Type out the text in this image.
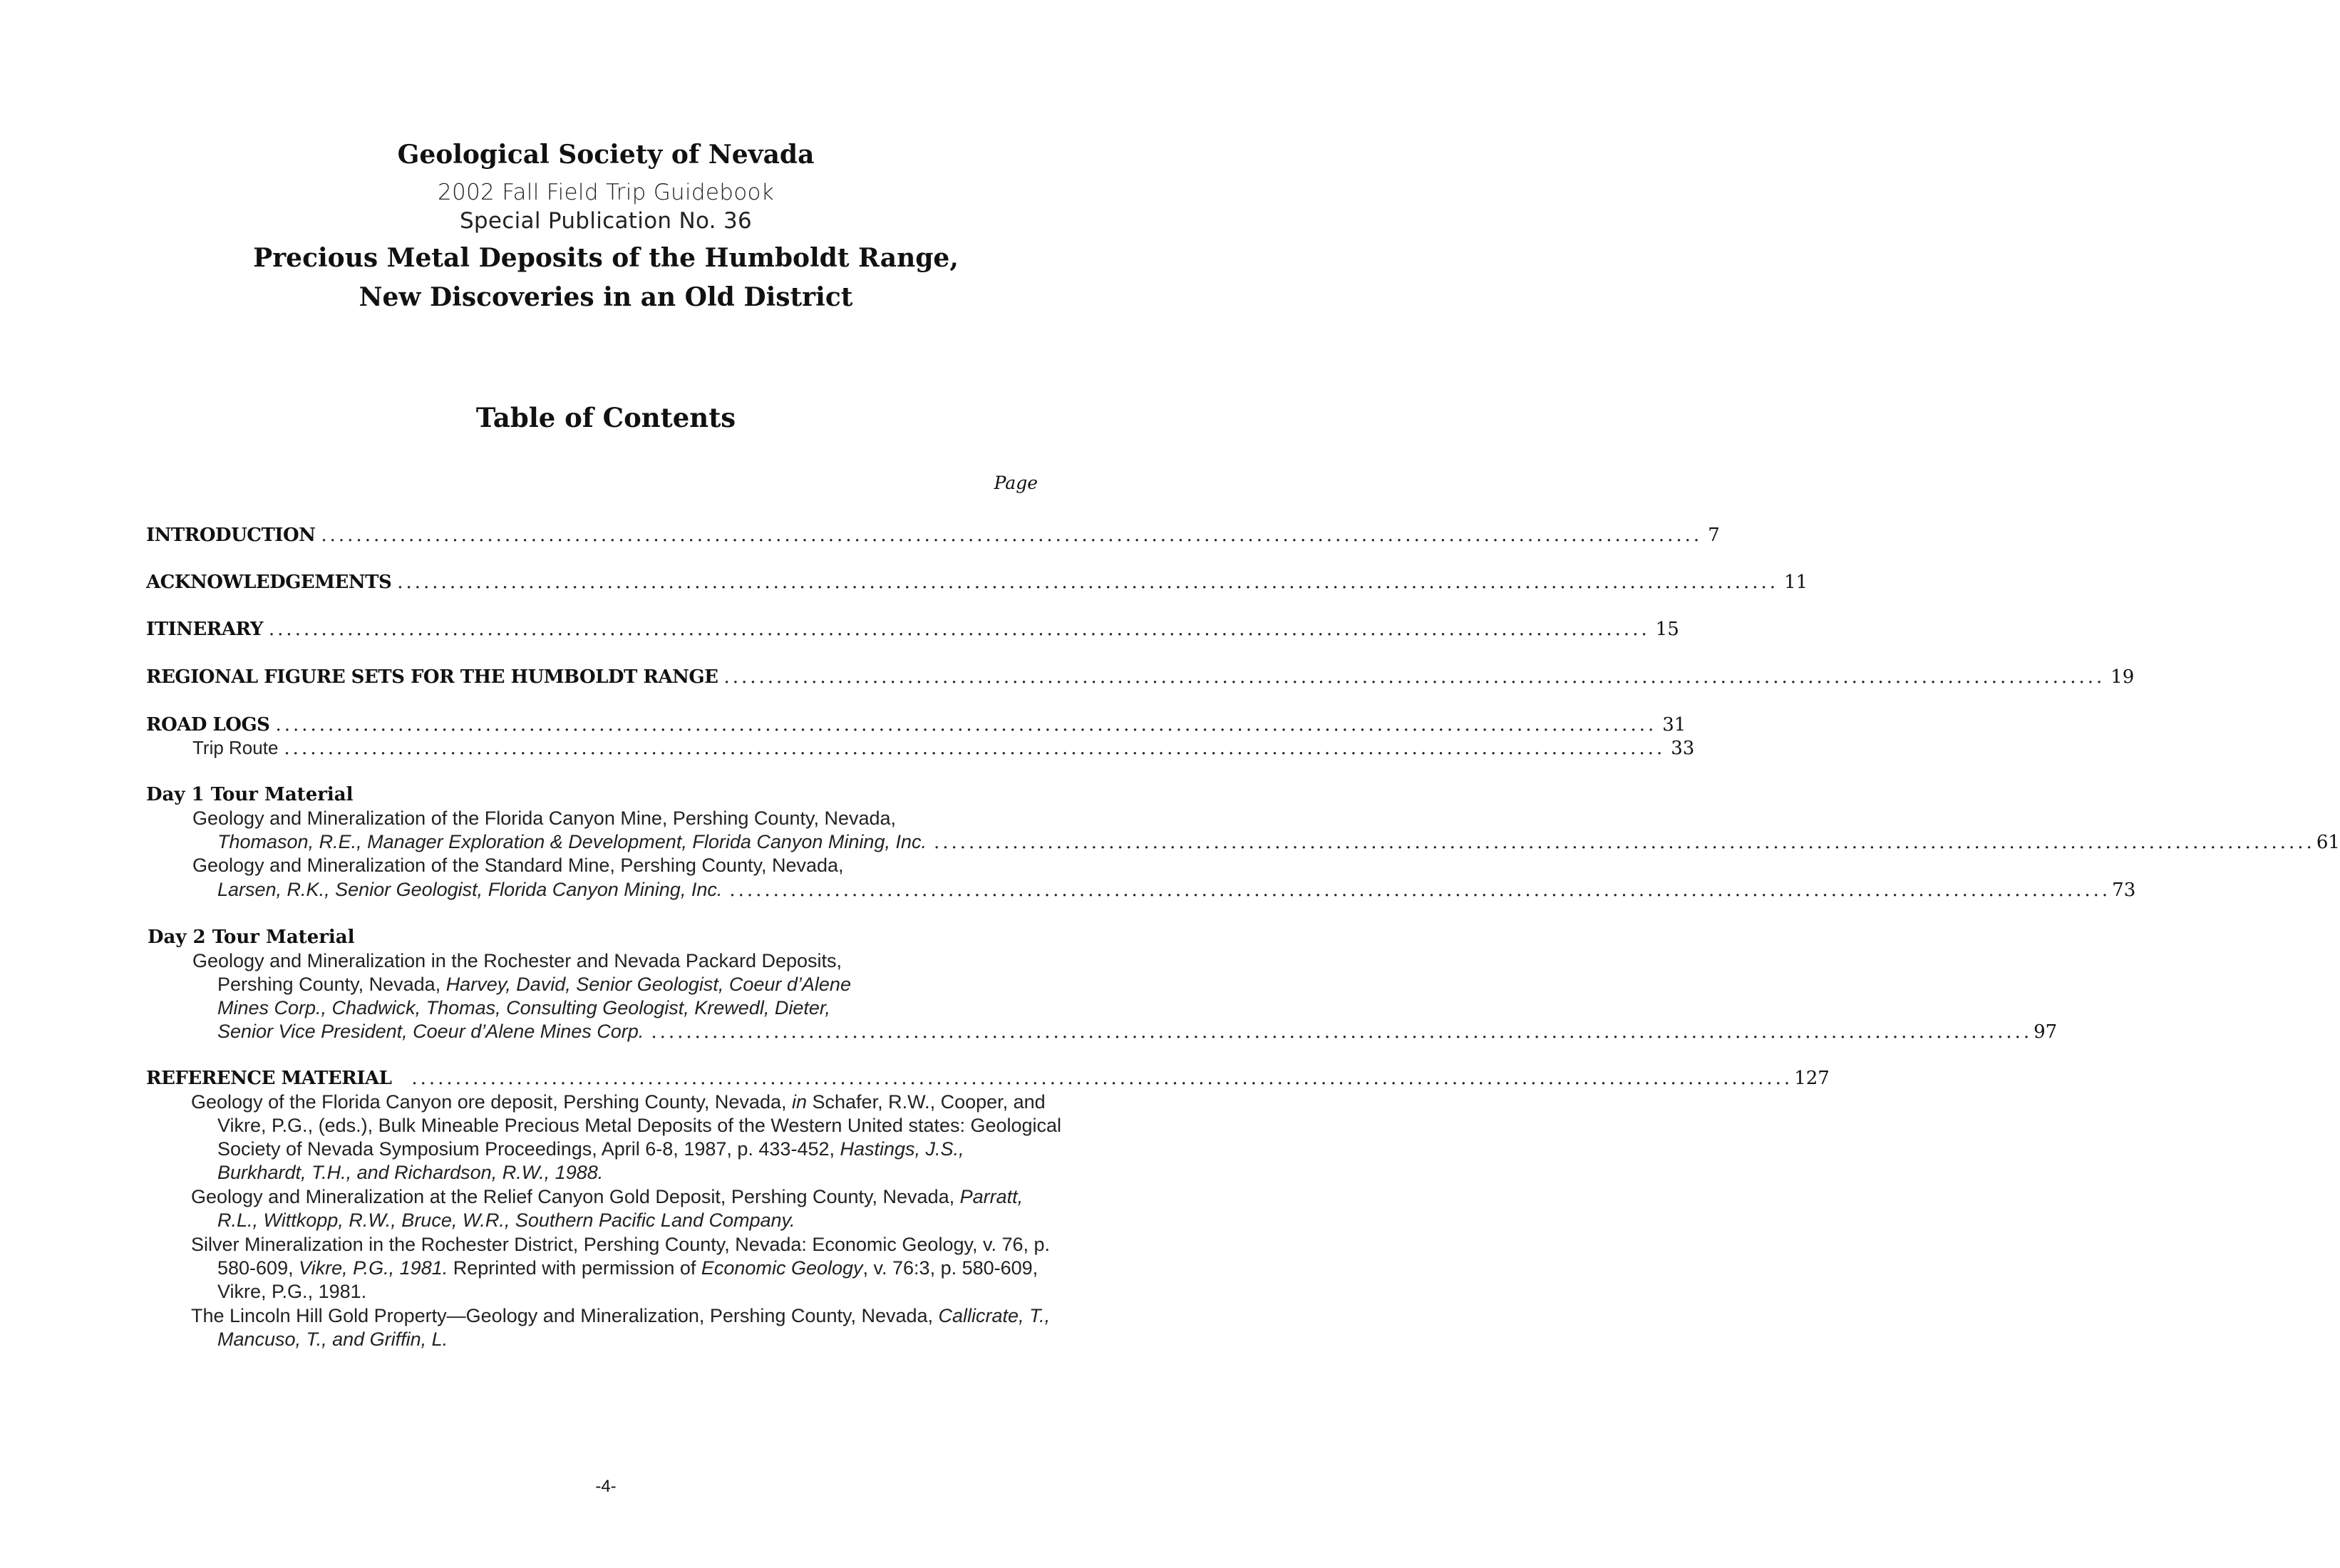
Geological Society of Nevada
2002 Fall Field Trip Guidebook
Special Publication No. 36
Precious Metal Deposits of the Humboldt Range,
New Discoveries in an Old District
Table of Contents
Page
INTRODUCTION .............................................................................................................................................................. 7
ACKNOWLEDGEMENTS .............................................................................................................................................................. 11
ITINERARY .............................................................................................................................................................. 15
REGIONAL FIGURE SETS FOR THE HUMBOLDT RANGE .............................................................................................................................................................. 19
ROAD LOGS .............................................................................................................................................................. 31
Trip Route .............................................................................................................................................................. 33
Day 1 Tour Material
Geology and Mineralization of the Florida Canyon Mine, Pershing County, Nevada,
Thomason, R.E., Manager Exploration & Development, Florida Canyon Mining, Inc. .............................................................................................................................................................. 61
Geology and Mineralization of the Standard Mine, Pershing County, Nevada,
Larsen, R.K., Senior Geologist, Florida Canyon Mining, Inc. .............................................................................................................................................................. 73
Day 2 Tour Material
Geology and Mineralization in the Rochester and Nevada Packard Deposits,
Pershing County, Nevada, Harvey, David, Senior Geologist, Coeur d’Alene
Mines Corp., Chadwick, Thomas, Consulting Geologist, Krewedl, Dieter,
Senior Vice President, Coeur d’Alene Mines Corp. .............................................................................................................................................................. 97
REFERENCE MATERIAL .............................................................................................................................................................. 127
Geology of the Florida Canyon ore deposit, Pershing County, Nevada, in Schafer, R.W., Cooper, and
Vikre, P.G., (eds.), Bulk Mineable Precious Metal Deposits of the Western United states: Geological
Society of Nevada Symposium Proceedings, April 6-8, 1987, p. 433-452, Hastings, J.S.,
Burkhardt, T.H., and Richardson, R.W., 1988.
Geology and Mineralization at the Relief Canyon Gold Deposit, Pershing County, Nevada, Parratt,
R.L., Wittkopp, R.W., Bruce, W.R., Southern Pacific Land Company.
Silver Mineralization in the Rochester District, Pershing County, Nevada: Economic Geology, v. 76, p.
580-609, Vikre, P.G., 1981. Reprinted with permission of Economic Geology, v. 76:3, p. 580-609,
Vikre, P.G., 1981.
The Lincoln Hill Gold Property—Geology and Mineralization, Pershing County, Nevada, Callicrate, T.,
Mancuso, T., and Griffin, L.
-4-
